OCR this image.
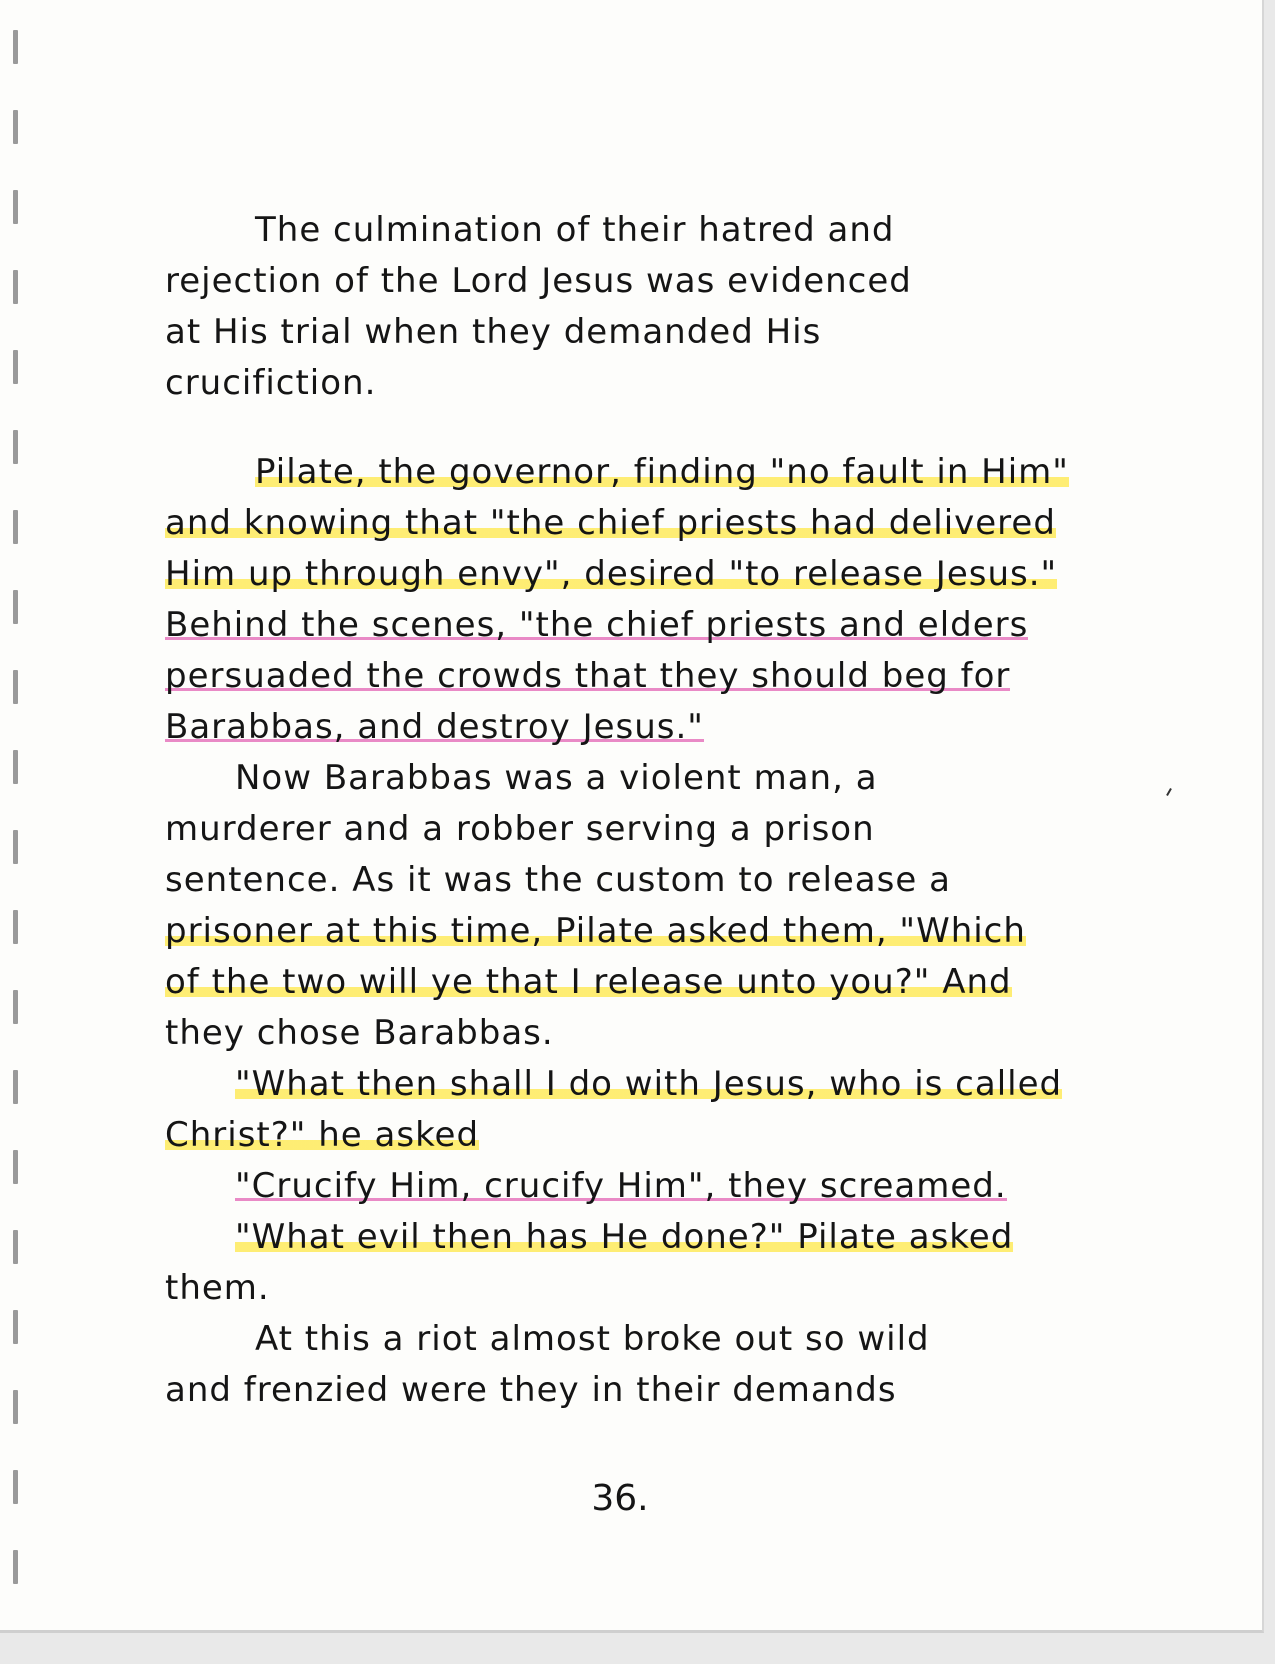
The culmination of their hatred and
rejection of the Lord Jesus was evidenced
at His trial when they demanded His
crucifiction.
Pilate, the governor, finding "no fault in Him"
and knowing that "the chief priests had delivered
Him up through envy", desired "to release Jesus."
Behind the scenes, "the chief priests and elders
persuaded the crowds that they should beg for
Barabbas, and destroy Jesus."
Now Barabbas was a violent man, a
murderer and a robber serving a prison
sentence. As it was the custom to release a
prisoner at this time, Pilate asked them, "Which
of the two will ye that I release unto you?" And
they chose Barabbas.
"What then shall I do with Jesus, who is called
Christ?" he asked
"Crucify Him, crucify Him", they screamed.
"What evil then has He done?" Pilate asked
them.
At this a riot almost broke out so wild
and frenzied were they in their demands
36.
